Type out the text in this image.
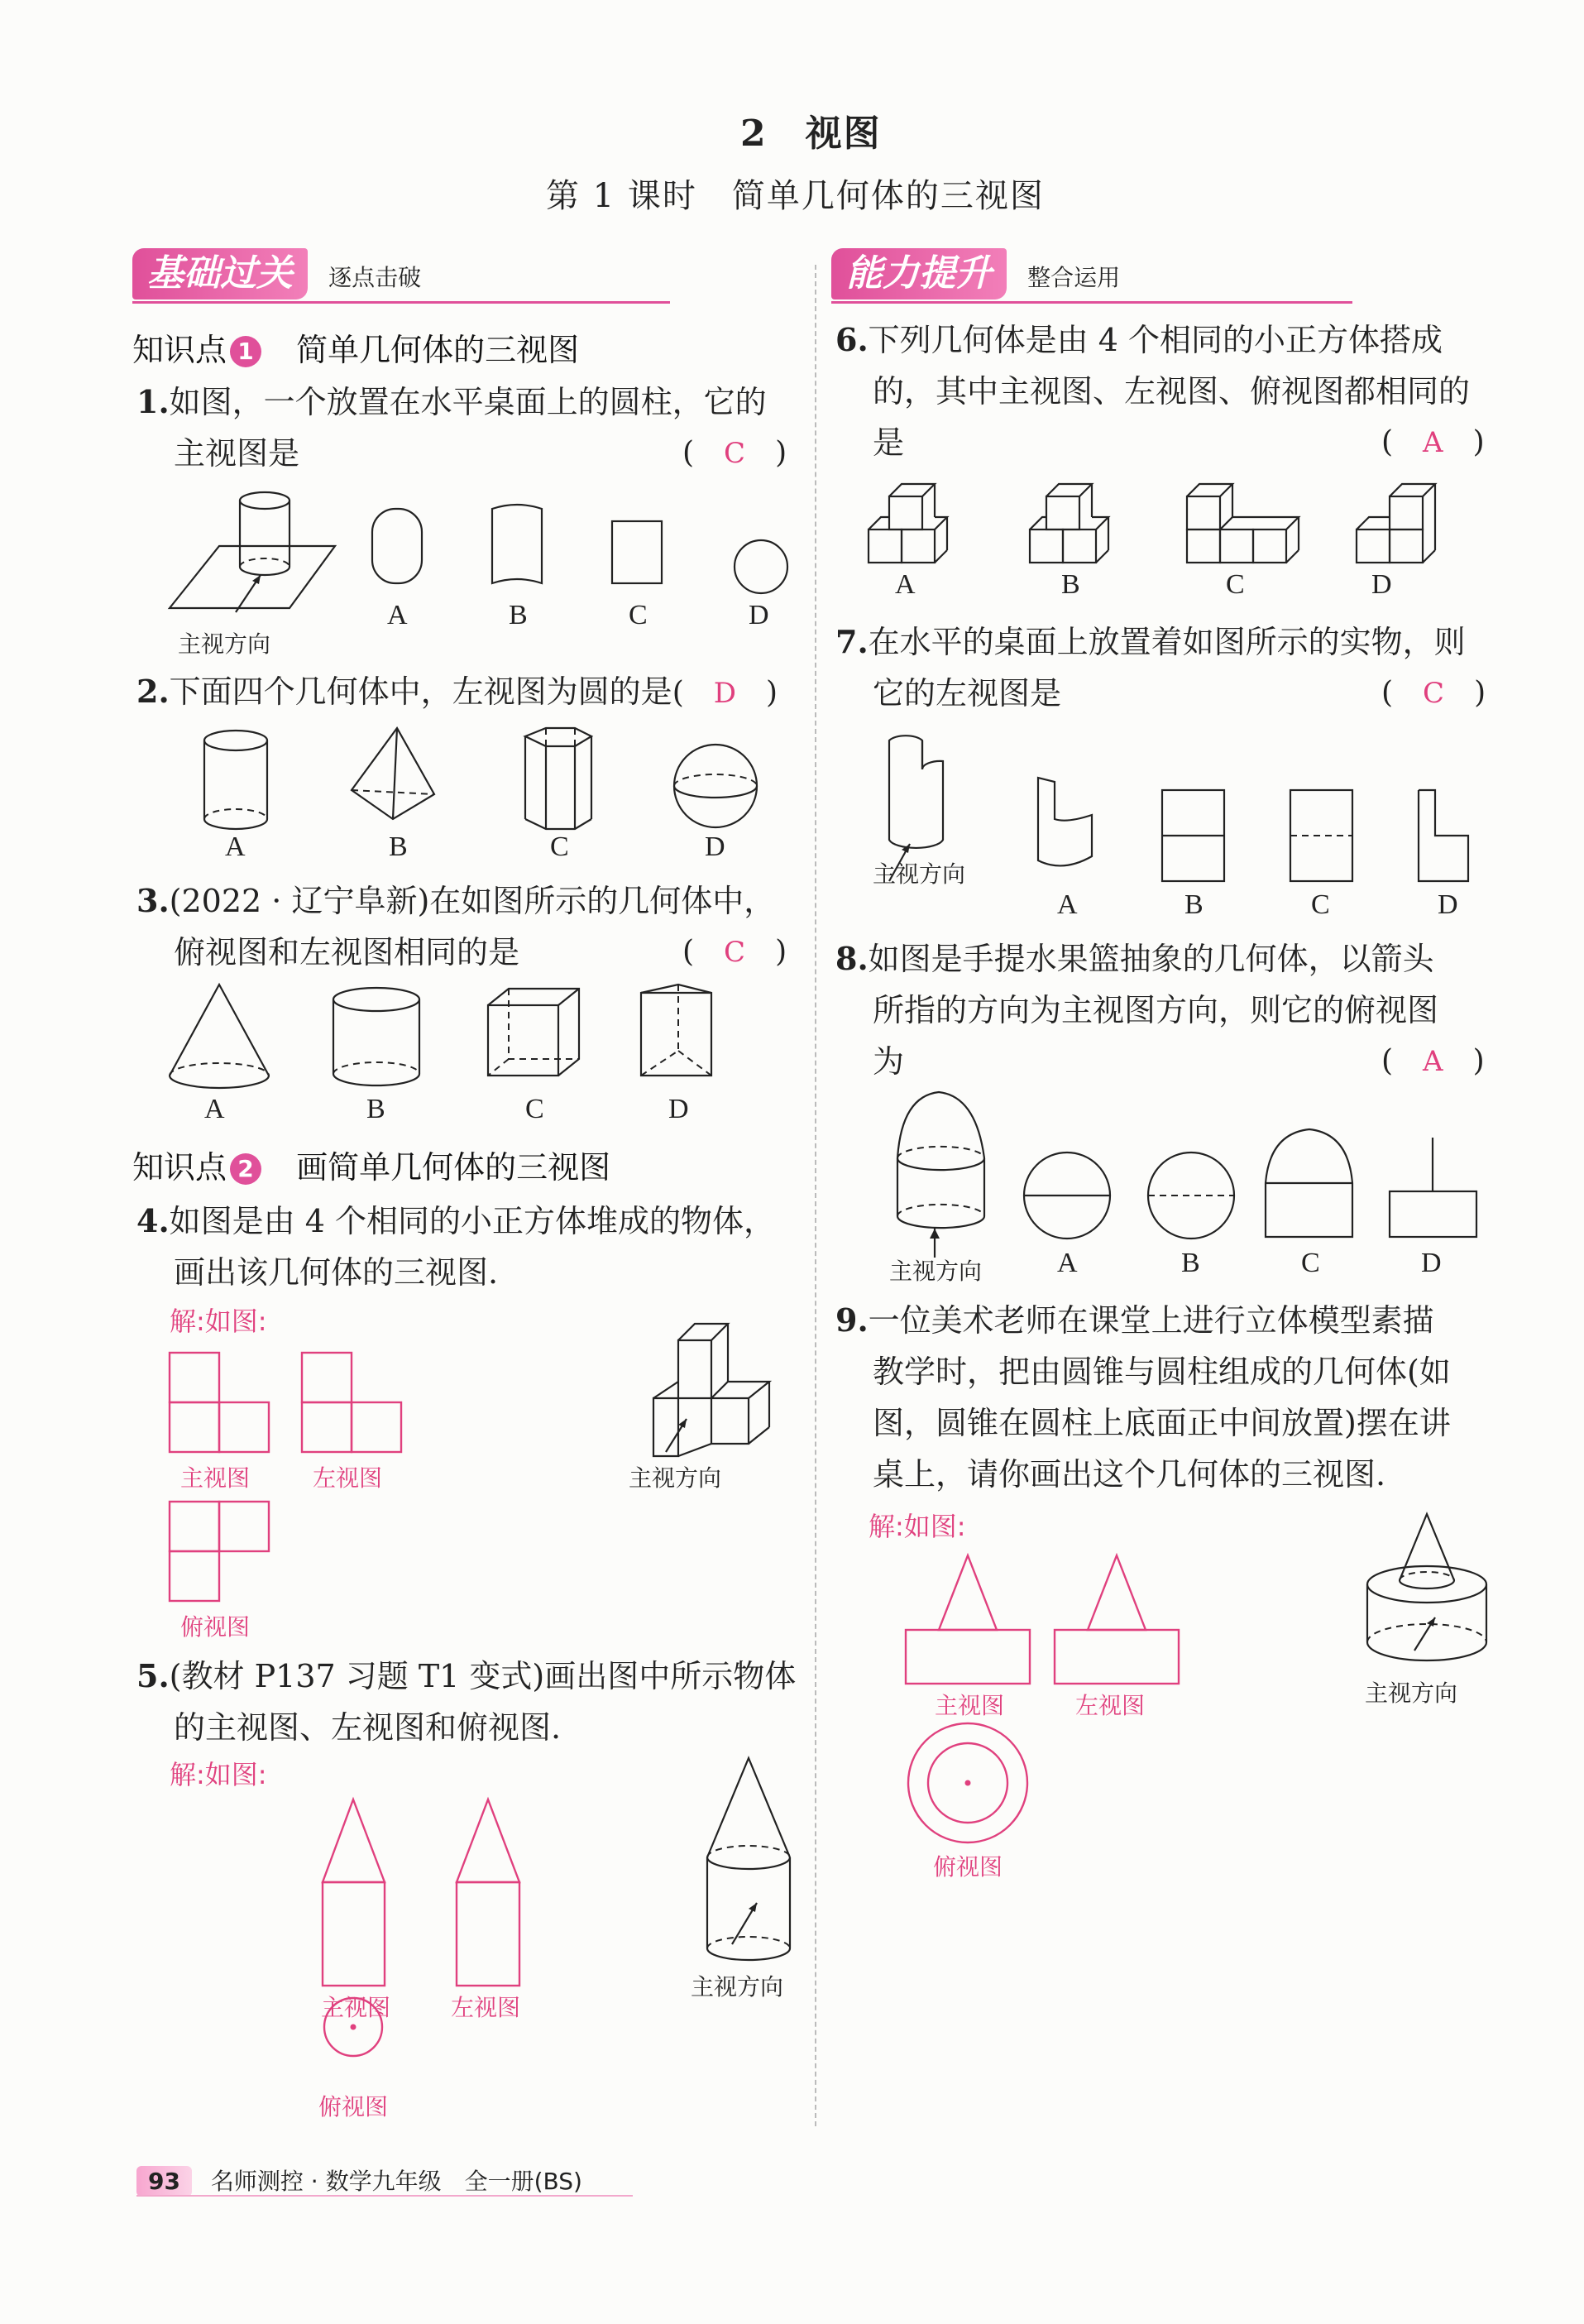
2　视图
第 1 课时　简单几何体的三视图
基础过关 逐点击破	能力提升 整合运用
知识点 1 简单几何体的三视图
1.如图，一个放置在水平桌面上的圆柱，它的
主视图是	(　C　)
主视方向
A	B	C	D
2.下面四个几何体中，左视图为圆的是(　D　)
A	B	C	D
3.(2022 · 辽宁阜新)在如图所示的几何体中，
俯视图和左视图相同的是	(　C　)
A	B	C	D
知识点 2 画简单几何体的三视图
4.如图是由 4 个相同的小正方体堆成的物体，
画出该几何体的三视图.
解:如图:
主视图	左视图
俯视图
主视方向
5.(教材 P137 习题 T1 变式)画出图中所示物体
的主视图、左视图和俯视图.
解:如图:
主视图	左视图
俯视图
主视方向
6.下列几何体是由 4 个相同的小正方体搭成
的，其中主视图、左视图、俯视图都相同的
是	(　A　)
A	B	C	D
7.在水平的桌面上放置着如图所示的实物，则
它的左视图是	(　C　)
主视方向
A	B	C	D
8.如图是手提水果篮抽象的几何体，以箭头
所指的方向为主视图方向，则它的俯视图
为	(　A　)
主视方向	A	B	C	D
9.一位美术老师在课堂上进行立体模型素描
教学时，把由圆锥与圆柱组成的几何体(如
图，圆锥在圆柱上底面正中间放置)摆在讲
桌上，请你画出这个几何体的三视图.
解:如图:
主视图	左视图
俯视图
主视方向
93 名师测控 · 数学九年级　全一册(BS)
